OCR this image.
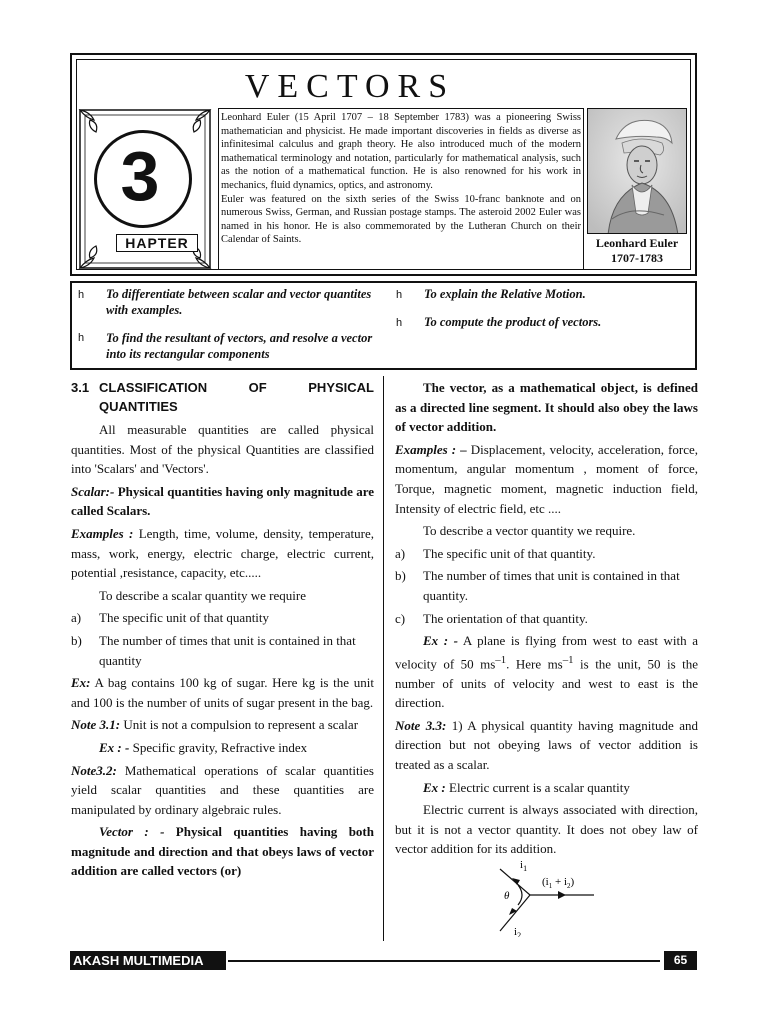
VECTORS
3
HAPTER

Leonhard Euler (15 April 1707 – 18 September 1783) was a pioneering Swiss mathematician and physicist. He made important discoveries in fields as diverse as infinitesimal calculus and graph theory. He also introduced much of the modern mathematical terminology and notation, particularly for mathematical analysis, such as the notion of a mathematical function. He is also renowned for his work in mechanics, fluid dynamics, optics, and astronomy.

Euler was featured on the sixth series of the Swiss 10-franc banknote and on numerous Swiss, German, and Russian postage stamps. The asteroid 2002 Euler was named in his honor. He is also commemorated by the Lutheran Church on their Calendar of Saints.	Leonhard Euler
1707-1783
h To differentiate between scalar and vector quantites with examples.
h To find the resultant of vectors, and resolve a vector into its rectangular components
h To explain the Relative Motion.
h To compute the product of vectors.
3.1 CLASSIFICATION OF PHYSICAL QUANTITIES

All measurable quantities are called physical quantities. Most of the physical Quantities are classified into 'Scalars' and 'Vectors'.

Scalar:- Physical quantities having only magnitude are called Scalars.

Examples : Length, time, volume, density, temperature, mass, work, energy, electric charge, electric current, potential ,resistance, capacity, etc.....

To describe a scalar quantity we require

a)	The specific unit of that quantity
b)	The number of times that unit is contained in that quantity

Ex: A bag contains 100 kg of sugar. Here kg is the unit and 100 is the number of units of sugar present in the bag.

Note 3.1: Unit is not a compulsion to represent a scalar

Ex : - Specific gravity, Refractive index

Note3.2: Mathematical operations of scalar quantities yield scalar quantities and these quantities are manipulated by ordinary algebraic rules.

Vector : - Physical quantities having both magnitude and direction and that obeys laws of vector addition are called vectors (or)

The vector, as a mathematical object, is defined as a directed line segment. It should also obey the laws of vector addition.

Examples : – Displacement, velocity, acceleration, force, momentum, angular momentum , moment of force, Torque, magnetic moment, magnetic induction field, Intensity of electric field, etc ....

To describe a vector quantity we require.

a)	The specific unit of that quantity.
b)	The number of times that unit is contained in that quantity.
c)	The orientation of that quantity.

Ex : - A plane is flying from west to east with a velocity of 50 $ms^{-1}$. Here $ms^{-1}$ is the unit, 50 is the number of units of velocity and west to east is the direction.

Note 3.3: 1) A physical quantity having magnitude and direction but not obeying laws of vector addition is treated as a scalar.

Ex : Electric current is a scalar quantity

Electric current is always associated with direction, but it is not a vector quantity. It does not obey law of vector addition for its addition.

$i_1$
$i_2$
θ
$(i_1 + i_2)$
AKASH MULTIMEDIA	65
